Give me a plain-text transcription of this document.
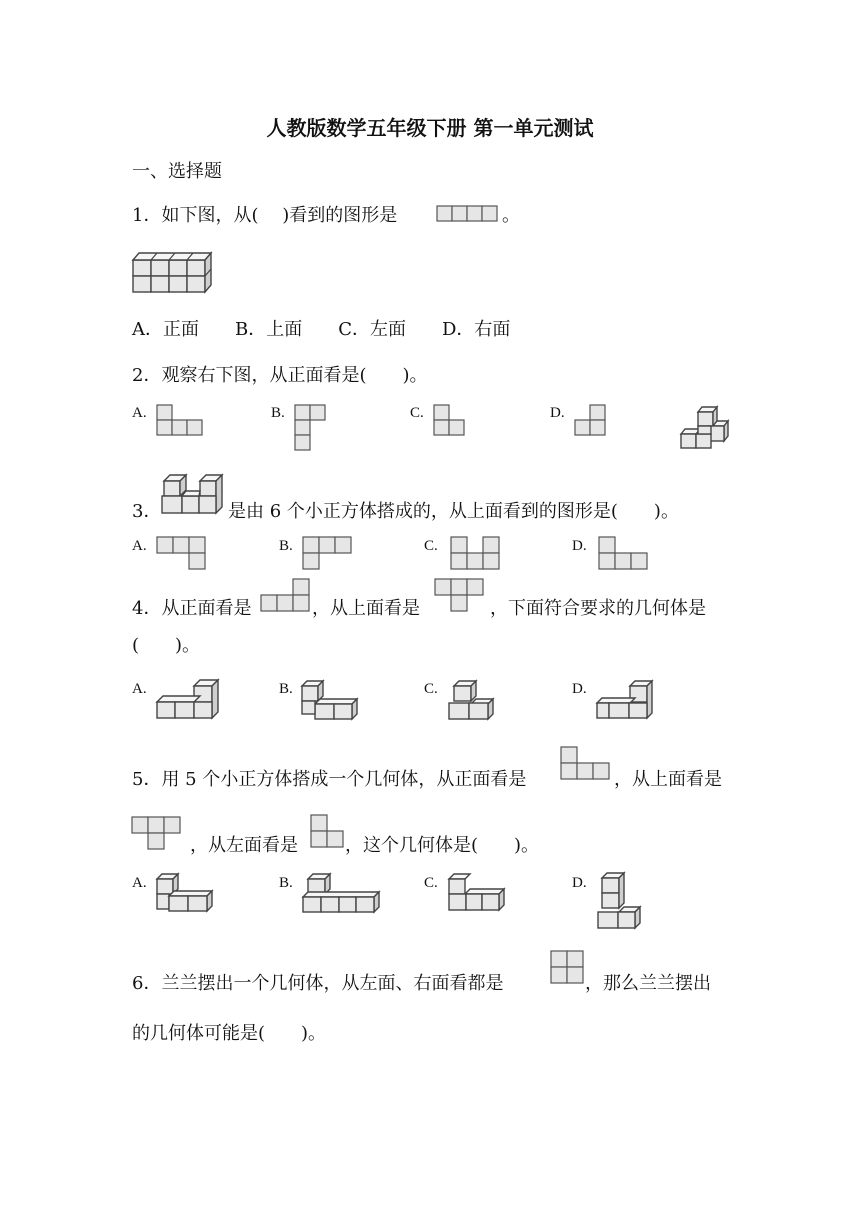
人教版数学五年级下册 第一单元测试
一、选择题
1．如下图，从(　 )看到的图形是	。
A．正面　　B．上面　　C．左面　　D．右面
2．观察右下图，从正面看是(　　)。
A.	B.	C.	D.
3．	是由 6 个小正方体搭成的，从上面看到的图形是(　　)。
A.	B.	C.	D.
4．从正面看是	，从上面看是	，下面符合要求的几何体是
(　　)。
A.	B.	C.	D.
5．用 5 个小正方体搭成一个几何体，从正面看是	，从上面看是
，从左面看是	，这个几何体是(　　)。
A.	B.	C.	D.
6．兰兰摆出一个几何体，从左面、右面看都是	，那么兰兰摆出
的几何体可能是(　　)。
